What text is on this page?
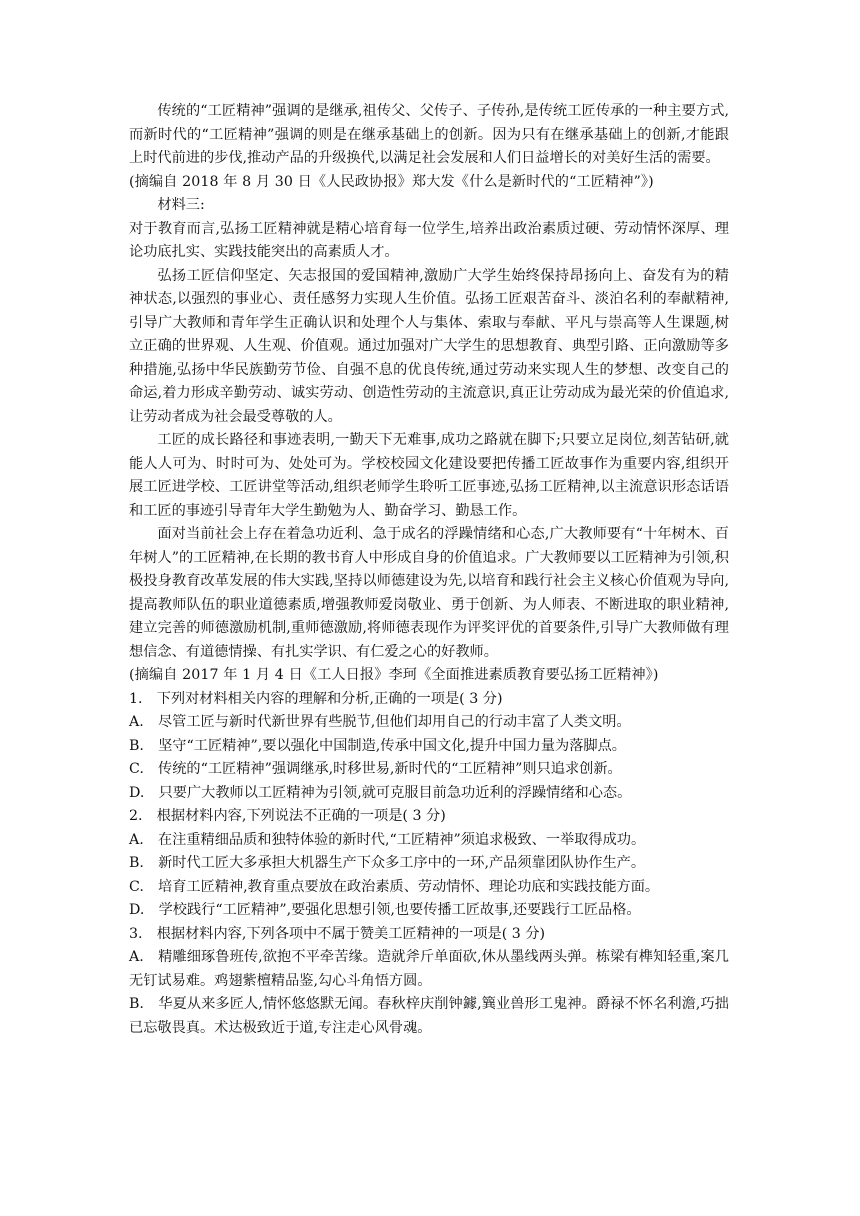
传统的“工匠精神”强调的是继承,祖传父、父传子、子传孙,是传统工匠传承的一种主要方式,而新时代的“工匠精神”强调的则是在继承基础上的创新。因为只有在继承基础上的创新,才能跟上时代前进的步伐,推动产品的升级换代,以满足社会发展和人们日益增长的对美好生活的需要。

(摘编自 2018 年 8 月 30 日《人民政协报》郑大发《什么是新时代的“工匠精神”》)

材料三:

对于教育而言,弘扬工匠精神就是精心培育每一位学生,培养出政治素质过硬、劳动情怀深厚、理论功底扎实、实践技能突出的高素质人才。

弘扬工匠信仰坚定、矢志报国的爱国精神,激励广大学生始终保持昂扬向上、奋发有为的精神状态,以强烈的事业心、责任感努力实现人生价值。弘扬工匠艰苦奋斗、淡泊名利的奉献精神,引导广大教师和青年学生正确认识和处理个人与集体、索取与奉献、平凡与崇高等人生课题,树立正确的世界观、人生观、价值观。通过加强对广大学生的思想教育、典型引路、正向激励等多种措施,弘扬中华民族勤劳节俭、自强不息的优良传统,通过劳动来实现人生的梦想、改变自己的命运,着力形成辛勤劳动、诚实劳动、创造性劳动的主流意识,真正让劳动成为最光荣的价值追求,让劳动者成为社会最受尊敬的人。

工匠的成长路径和事迹表明,一勤天下无难事,成功之路就在脚下;只要立足岗位,刻苦钻研,就能人人可为、时时可为、处处可为。学校校园文化建设要把传播工匠故事作为重要内容,组织开展工匠进学校、工匠讲堂等活动,组织老师学生聆听工匠事迹,弘扬工匠精神,以主流意识形态话语和工匠的事迹引导青年大学生勤勉为人、勤奋学习、勤恳工作。

面对当前社会上存在着急功近利、急于成名的浮躁情绪和心态,广大教师要有“十年树木、百年树人”的工匠精神,在长期的教书育人中形成自身的价值追求。广大教师要以工匠精神为引领,积极投身教育改革发展的伟大实践,坚持以师德建设为先,以培育和践行社会主义核心价值观为导向,提高教师队伍的职业道德素质,增强教师爱岗敬业、勇于创新、为人师表、不断进取的职业精神,建立完善的师德激励机制,重师德激励,将师德表现作为评奖评优的首要条件,引导广大教师做有理想信念、有道德情操、有扎实学识、有仁爱之心的好教师。

(摘编自 2017 年 1 月 4 日《工人日报》李珂《全面推进素质教育要弘扬工匠精神》)

1.　下列对材料相关内容的理解和分析,正确的一项是( 3 分)

A.　尽管工匠与新时代新世界有些脱节,但他们却用自己的行动丰富了人类文明。

B.　坚守“工匠精神”,要以强化中国制造,传承中国文化,提升中国力量为落脚点。

C.　传统的“工匠精神”强调继承,时移世易,新时代的“工匠精神”则只追求创新。

D.　只要广大教师以工匠精神为引领,就可克服目前急功近利的浮躁情绪和心态。

2.　根据材料内容,下列说法不正确的一项是( 3 分)

A.　在注重精细品质和独特体验的新时代,“工匠精神”须追求极致、一举取得成功。

B.　新时代工匠大多承担大机器生产下众多工序中的一环,产品须靠团队协作生产。

C.　培育工匠精神,教育重点要放在政治素质、劳动情怀、理论功底和实践技能方面。

D.　学校践行“工匠精神”,要强化思想引领,也要传播工匠故事,还要践行工匠品格。

3.　根据材料内容,下列各项中不属于赞美工匠精神的一项是( 3 分)

A.　精雕细琢鲁班传,欲抱不平牵苦缘。造就斧斤单面砍,休从墨线两头弹。栋梁有榫知轻重,案几无钉试易难。鸡翅紫檀精品鉴,勾心斗角悟方圆。

B.　华夏从来多匠人,情怀悠悠默无闻。春秋梓庆削钟鐻,簨业兽形工鬼神。爵禄不怀名利澹,巧拙已忘敬畏真。术达极致近于道,专注走心风骨魂。
